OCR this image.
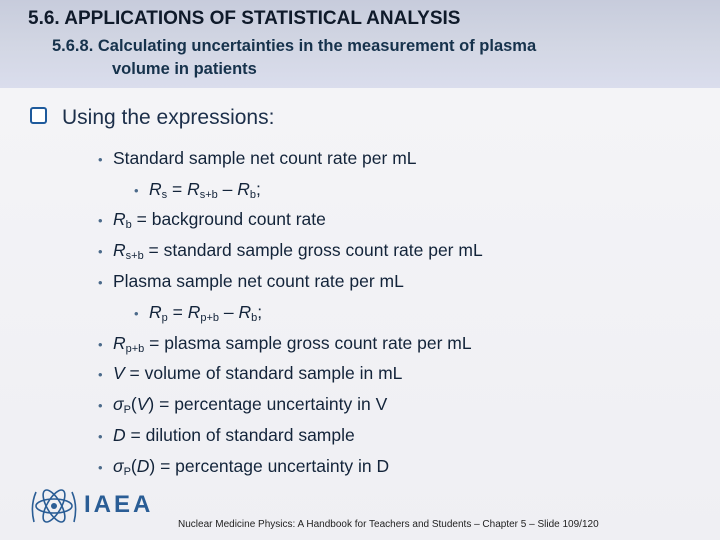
5.6. APPLICATIONS OF STATISTICAL ANALYSIS
5.6.8. Calculating uncertainties in the measurement of plasma
volume in patients
Using the expressions:
• Standard sample net count rate per mL
• $R_s = R_{s+b} - R_b$;
• $R_b$ = background count rate
• $R_{s+b}$ = standard sample gross count rate per mL
• Plasma sample net count rate per mL
• $R_p = R_{p+b} - R_b$;
• $R_{p+b}$ = plasma sample gross count rate per mL
• V = volume of standard sample in mL
• σP(V) = percentage uncertainty in V
• D = dilution of standard sample
• σP(D) = percentage uncertainty in D
IAEA
Nuclear Medicine Physics: A Handbook for Teachers and Students – Chapter 5 – Slide 109/120
